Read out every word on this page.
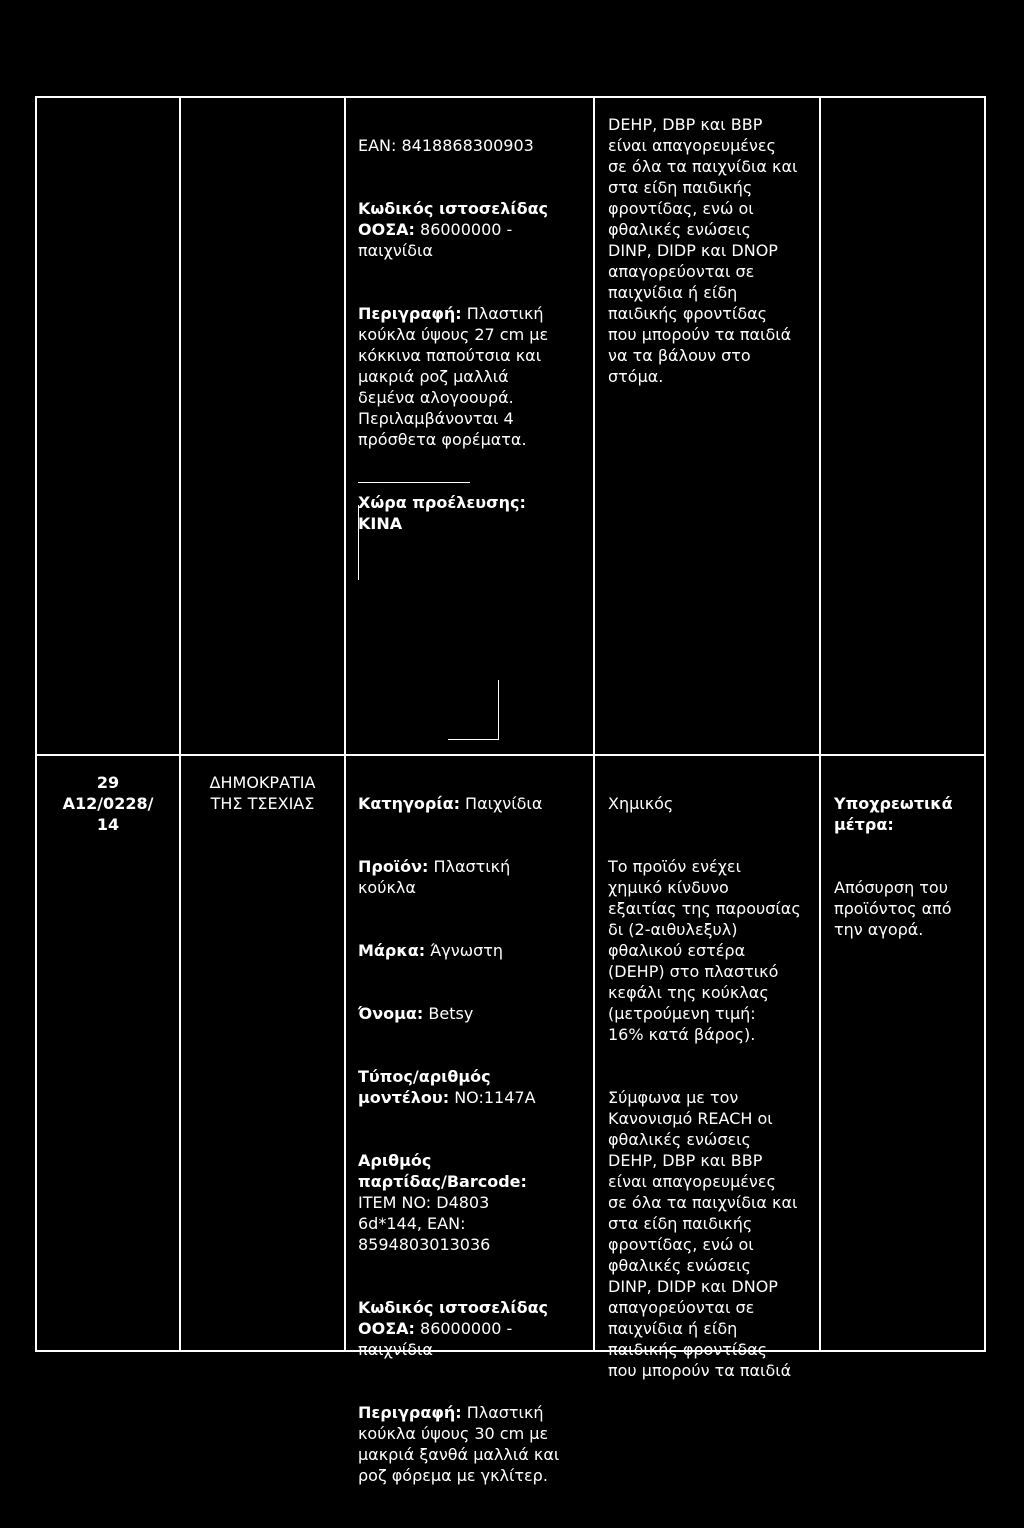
EAN: 8418868300903

Κωδικός ιστοσελίδας
ΟΟΣΑ: 86000000 -
παιχνίδια

Περιγραφή: Πλαστική
κούκλα ύψους 27 cm με
κόκκινα παπούτσια και
μακριά ροζ μαλλιά
δεμένα αλογοουρά.
Περιλαμβάνονται 4
πρόσθετα φορέματα.

Χώρα προέλευσης:
ΚΙΝΑ

DEHP, DBP και BBP
είναι απαγορευμένες
σε όλα τα παιχνίδια και
στα είδη παιδικής
φροντίδας, ενώ οι
φθαλικές ενώσεις
DINP, DIDP και DNOP
απαγορεύονται σε
παιχνίδια ή είδη
παιδικής φροντίδας
που μπορούν τα παιδιά
να τα βάλουν στο
στόμα.
29
A12/0228/
14
ΔΗΜΟΚΡΑΤΙΑ
ΤΗΣ ΤΣΕΧΙΑΣ	Κατηγορία: Παιχνίδια

Προϊόν: Πλαστική
κούκλα

Μάρκα: Άγνωστη

Όνομα: Betsy

Τύπος/αριθμός
μοντέλου: NO:1147A

Αριθμός
παρτίδας/Barcode:
ITEM NO: D4803
6d*144, EAN:
8594803013036

Κωδικός ιστοσελίδας
ΟΟΣΑ: 86000000 -
παιχνίδια

Περιγραφή: Πλαστική
κούκλα ύψους 30 cm με
μακριά ξανθά μαλλιά και
ροζ φόρεμα με γκλίτερ.

Χημικός

Το προϊόν ενέχει
χημικό κίνδυνο
εξαιτίας της παρουσίας
δι (2-αιθυλεξυλ)
φθαλικού εστέρα
(DEHP) στο πλαστικό
κεφάλι της κούκλας
(μετρούμενη τιμή:
16% κατά βάρος).

Σύμφωνα με τον
Κανονισμό REACH οι
φθαλικές ενώσεις
DEHP, DBP και BBP
είναι απαγορευμένες
σε όλα τα παιχνίδια και
στα είδη παιδικής
φροντίδας, ενώ οι
φθαλικές ενώσεις
DINP, DIDP και DNOP
απαγορεύονται σε
παιχνίδια ή είδη
παιδικής φροντίδας
που μπορούν τα παιδιά

Υποχρεωτικά
μέτρα:

Απόσυρση του
προϊόντος από
την αγορά.
